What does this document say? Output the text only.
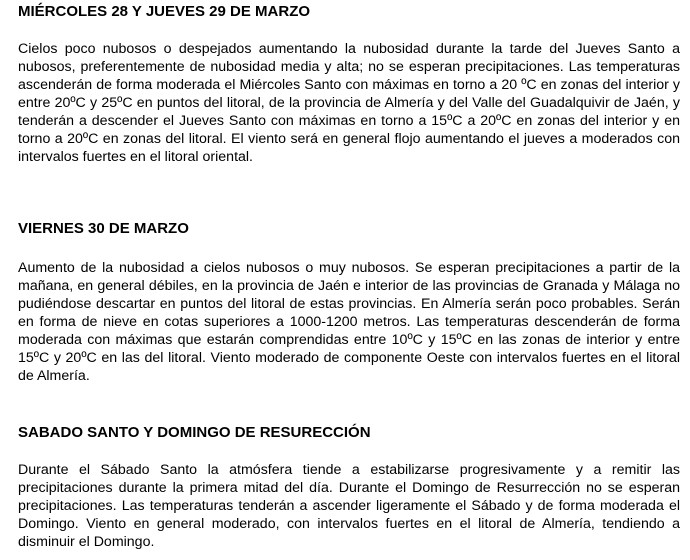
MIÉRCOLES 28 Y JUEVES 29 DE MARZO

Cielos poco nubosos o despejados aumentando la nubosidad durante la tarde del Jueves Santo a nubosos, preferentemente de nubosidad media y alta; no se esperan precipitaciones. Las temperaturas ascenderán de forma moderada el Miércoles Santo con máximas en torno a 20 ºC en zonas del interior y entre 20ºC y 25ºC en puntos del litoral, de la provincia de Almería y del Valle del Guadalquivir de Jaén, y tenderán a descender el Jueves Santo con máximas en torno a 15ºC a 20ºC en zonas del interior y en torno a 20ºC en zonas del litoral. El viento será en general flojo aumentando el jueves a moderados con intervalos fuertes en el litoral oriental.

VIERNES 30 DE MARZO

Aumento de la nubosidad a cielos nubosos o muy nubosos. Se esperan precipitaciones a partir de la mañana, en general débiles, en la provincia de Jaén e interior de las provincias de Granada y Málaga no pudiéndose descartar en puntos del litoral de estas provincias. En Almería serán poco probables. Serán en forma de nieve en cotas superiores a 1000-1200 metros. Las temperaturas descenderán de forma moderada con máximas que estarán comprendidas entre 10ºC y 15ºC en las zonas de interior y entre 15ºC y 20ºC en las del litoral. Viento moderado de componente Oeste con intervalos fuertes en el litoral de Almería.

SABADO SANTO Y DOMINGO DE RESURECCIÓN

Durante el Sábado Santo la atmósfera tiende a estabilizarse progresivamente y a remitir las precipitaciones durante la primera mitad del día. Durante el Domingo de Resurrección no se esperan precipitaciones. Las temperaturas tenderán a ascender ligeramente el Sábado y de forma moderada el Domingo. Viento en general moderado, con intervalos fuertes en el litoral de Almería, tendiendo a disminuir el Domingo.
